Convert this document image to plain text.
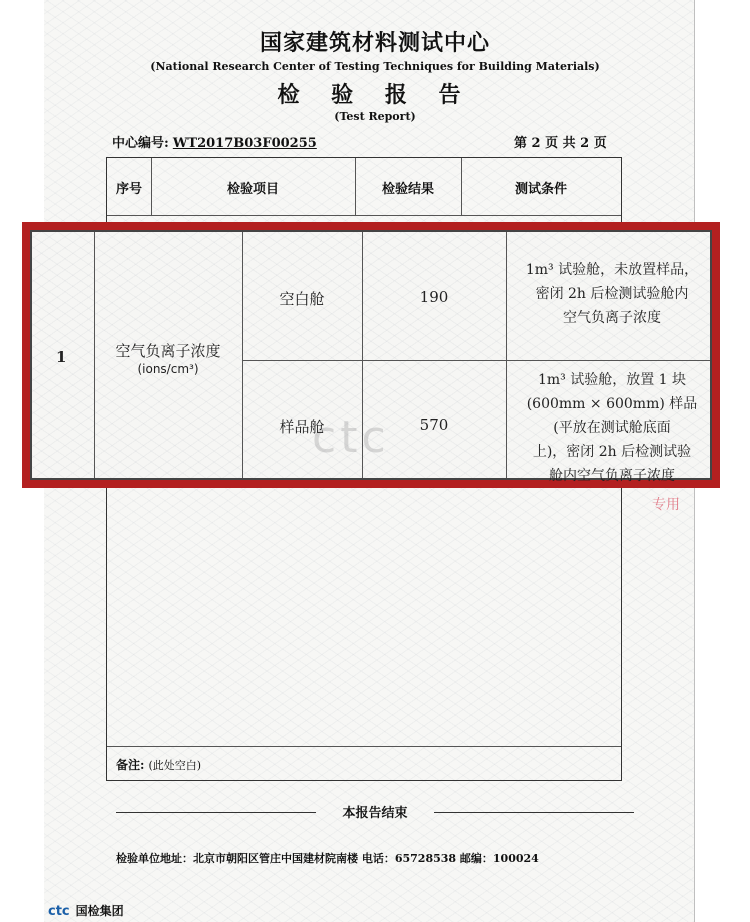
国家建筑材料测试中心
(National Research Center of Testing Techniques for Building Materials)
检 验 报 告
(Test Report)
中心编号: WT2017B03F00255	第 2 页 共 2 页
序号	检验项目	检验结果	测试条件
备注: (此处空白)
本报告结束
检验单位地址：北京市朝阳区管庄中国建材院南楼 电话：65728538 邮编：100024
ctc 国检集团
专用
ctc
1	空气负离子浓度
(ions/cm³)
空白舱	190
1m³ 试验舱，未放置样品，
密闭 2h 后检测试验舱内
空气负离子浓度
样品舱	570
1m³ 试验舱，放置 1 块
(600mm × 600mm) 样品
(平放在测试舱底面
上)，密闭 2h 后检测试验
舱内空气负离子浓度
